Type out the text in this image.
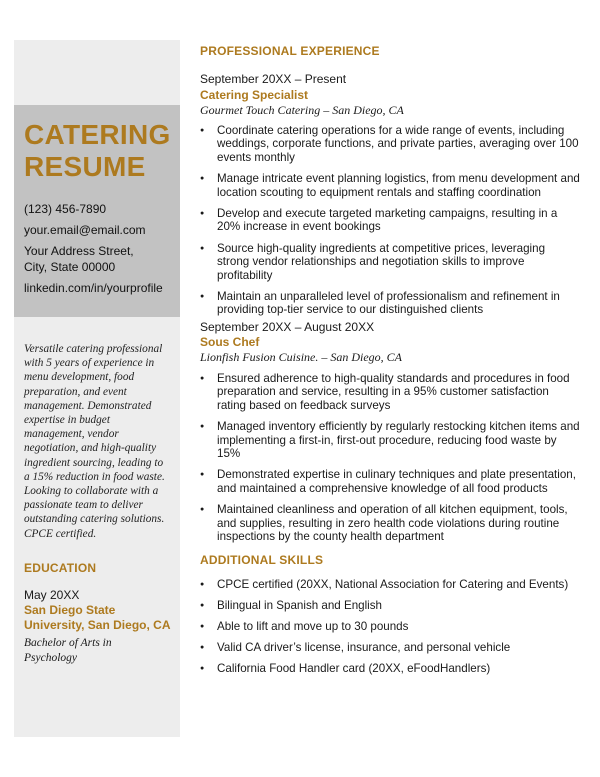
CATERING
RESUME
(123) 456-7890
your.email@email.com
Your Address Street,
City, State 00000
linkedin.com/in/yourprofile
Versatile catering professional with 5 years of experience in menu development, food preparation, and event management. Demonstrated expertise in budget management, vendor negotiation, and high-quality ingredient sourcing, leading to a 15% reduction in food waste. Looking to collaborate with a passionate team to deliver outstanding catering solutions. CPCE certified.
EDUCATION
May 20XX
San Diego State University, San Diego, CA
Bachelor of Arts in Psychology
PROFESSIONAL EXPERIENCE
September 20XX – Present
Catering Specialist
Gourmet Touch Catering – San Diego, CA
● Coordinate catering operations for a wide range of events, including weddings, corporate functions, and private parties, averaging over 100 events monthly
● Manage intricate event planning logistics, from menu development and location scouting to equipment rentals and staffing coordination
● Develop and execute targeted marketing campaigns, resulting in a 20% increase in event bookings
● Source high-quality ingredients at competitive prices, leveraging strong vendor relationships and negotiation skills to improve profitability
● Maintain an unparalleled level of professionalism and refinement in providing top-tier service to our distinguished clients
September 20XX – August 20XX
Sous Chef
Lionfish Fusion Cuisine. – San Diego, CA
● Ensured adherence to high-quality standards and procedures in food preparation and service, resulting in a 95% customer satisfaction rating based on feedback surveys
● Managed inventory efficiently by regularly restocking kitchen items and implementing a first-in, first-out procedure, reducing food waste by 15%
● Demonstrated expertise in culinary techniques and plate presentation, and maintained a comprehensive knowledge of all food products
● Maintained cleanliness and operation of all kitchen equipment, tools, and supplies, resulting in zero health code violations during routine inspections by the county health department
ADDITIONAL SKILLS
● CPCE certified (20XX, National Association for Catering and Events)
● Bilingual in Spanish and English
● Able to lift and move up to 30 pounds
● Valid CA driver’s license, insurance, and personal vehicle
● California Food Handler card (20XX, eFoodHandlers)
